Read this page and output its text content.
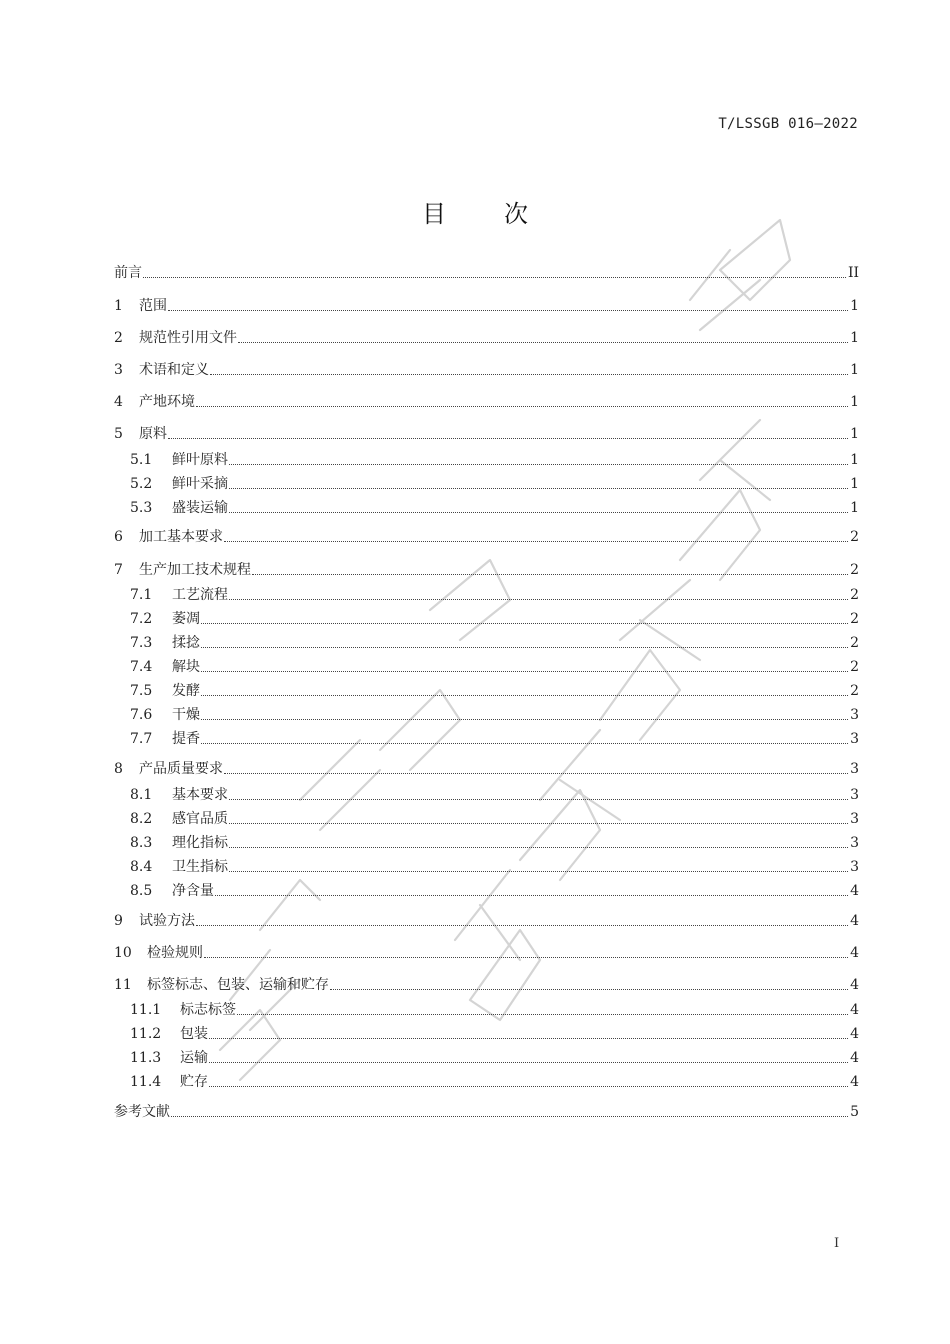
T/LSSGB 016—2022
目次
前言	II
1	范围	1
2	规范性引用文件	1
3	术语和定义	1
4	产地环境	1
5	原料	1
5.1	鲜叶原料	1
5.2	鲜叶采摘	1
5.3	盛装运输	1
6	加工基本要求	2
7	生产加工技术规程	2
7.1	工艺流程	2
7.2	萎凋	2
7.3	揉捻	2
7.4	解块	2
7.5	发酵	2
7.6	干燥	3
7.7	提香	3
8	产品质量要求	3
8.1	基本要求	3
8.2	感官品质	3
8.3	理化指标	3
8.4	卫生指标	3
8.5	净含量	4
9	试验方法	4
10	检验规则	4
11	标签标志、包装、运输和贮存	4
11.1	标志标签	4
11.2	包装	4
11.3	运输	4
11.4	贮存	4
参考文献	5
I
